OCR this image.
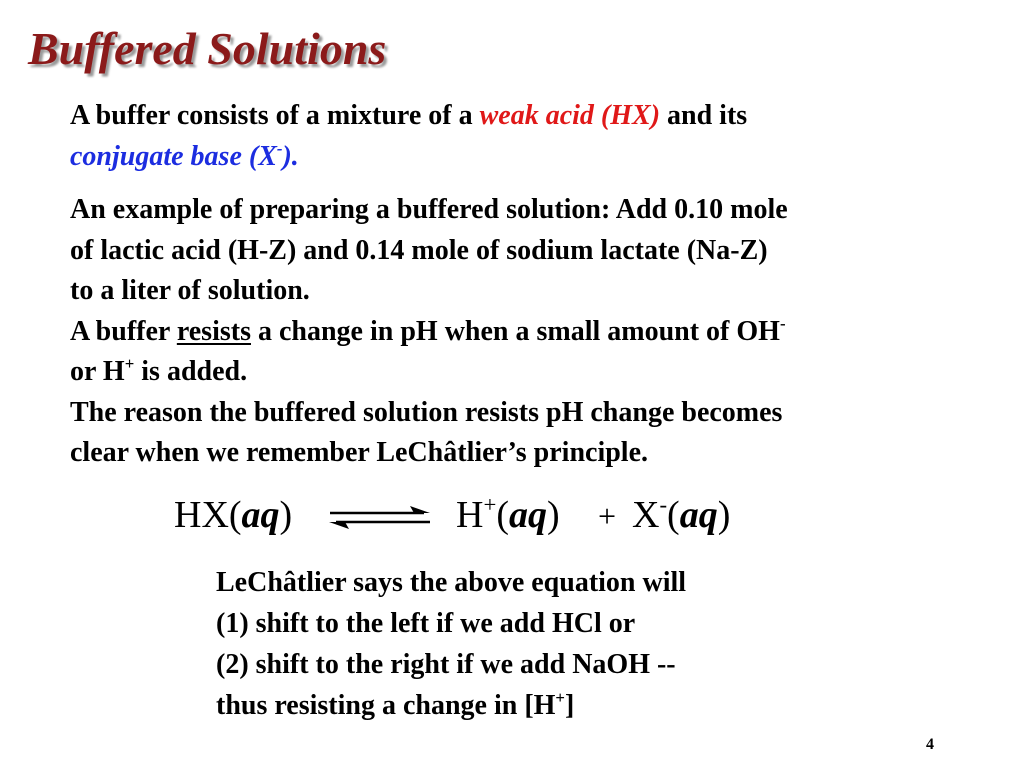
Buffered Solutions

A buffer consists of a mixture of a weak acid (HX) and its
conjugate base (X-).

An example of preparing a buffered solution: Add 0.10 mole
of lactic acid (H-Z) and 0.14 mole of sodium lactate (Na-Z)
to a liter of solution.

A buffer resists a change in pH when a small amount of OH-
or H+ is added.

The reason the buffered solution resists pH change becomes
clear when we remember LeChâtlier’s principle.

HX(aq) ⇌ H+(aq) + X-(aq)

LeChâtlier says the above equation will

(1) shift to the left if we add HCl or

(2) shift to the right if we add NaOH --

thus resisting a change in [H+]

4
